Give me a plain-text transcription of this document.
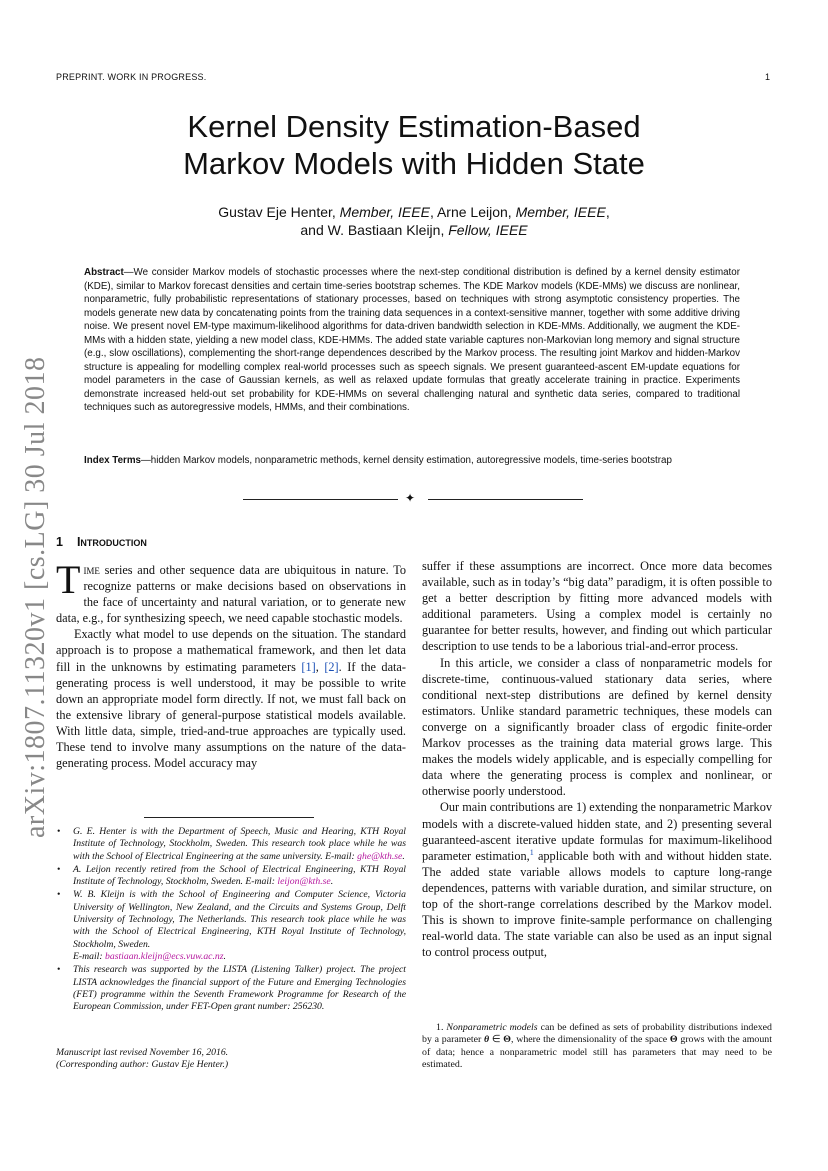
PREPRINT. WORK IN PROGRESS.	1
Kernel Density Estimation-Based
Markov Models with Hidden State
Gustav Eje Henter, Member, IEEE, Arne Leijon, Member, IEEE,
and W. Bastiaan Kleijn, Fellow, IEEE
Abstract—We consider Markov models of stochastic processes where the next-step conditional distribution is defined by a kernel density estimator (KDE), similar to Markov forecast densities and certain time-series bootstrap schemes. The KDE Markov models (KDE-MMs) we discuss are nonlinear, nonparametric, fully probabilistic representations of stationary processes, based on techniques with strong asymptotic consistency properties. The models generate new data by concatenating points from the training data sequences in a context-sensitive manner, together with some additive driving noise. We present novel EM-type maximum-likelihood algorithms for data-driven bandwidth selection in KDE-MMs. Additionally, we augment the KDE-MMs with a hidden state, yielding a new model class, KDE-HMMs. The added state variable captures non-Markovian long memory and signal structure (e.g., slow oscillations), complementing the short-range dependences described by the Markov process. The resulting joint Markov and hidden-Markov structure is appealing for modelling complex real-world processes such as speech signals. We present guaranteed-ascent EM-update equations for model parameters in the case of Gaussian kernels, as well as relaxed update formulas that greatly accelerate training in practice. Experiments demonstrate increased held-out set probability for KDE-HMMs on several challenging natural and synthetic data series, compared to traditional techniques such as autoregressive models, HMMs, and their combinations.
Index Terms—hidden Markov models, nonparametric methods, kernel density estimation, autoregressive models, time-series bootstrap
✦
arXiv:1807.11320v1 [cs.LG] 30 Jul 2018 1 Introduction

Time series and other sequence data are ubiquitous in nature. To recognize patterns or make decisions based on observations in the face of uncertainty and natural variation, or to generate new data, e.g., for synthesizing speech, we need capable stochastic models.

Exactly what model to use depends on the situation. The standard approach is to propose a mathematical framework, and then let data fill in the unknowns by estimating parameters [1], [2]. If the data-generating process is well understood, it may be possible to write down an appropriate model form directly. If not, we must fall back on the extensive library of general-purpose statistical models available. With little data, simple, tried-and-true approaches are typically used. These tend to involve many assumptions on the nature of the data-generating process. Model accuracy may

• G. E. Henter is with the Department of Speech, Music and Hearing, KTH Royal Institute of Technology, Stockholm, Sweden. This research took place while he was with the School of Electrical Engineering at the same university. E-mail: ghe@kth.se.
• A. Leijon recently retired from the School of Electrical Engineering, KTH Royal Institute of Technology, Stockholm, Sweden. E-mail: leijon@kth.se.
• W. B. Kleijn is with the School of Engineering and Computer Science, Victoria University of Wellington, New Zealand, and the Circuits and Systems Group, Delft University of Technology, The Netherlands. This research took place while he was with the School of Electrical Engineering, KTH Royal Institute of Technology, Stockholm, Sweden.
E-mail: bastiaan.kleijn@ecs.vuw.ac.nz.
• This research was supported by the LISTA (Listening Talker) project. The project LISTA acknowledges the financial support of the Future and Emerging Technologies (FET) programme within the Seventh Framework Programme for Research of the European Commission, under FET-Open grant number: 256230.
Manuscript last revised November 16, 2016.
(Corresponding author: Gustav Eje Henter.)

suffer if these assumptions are incorrect. Once more data becomes available, such as in today’s “big data” paradigm, it is often possible to get a better description by fitting more advanced models with additional parameters. Using a complex model is certainly no guarantee for better results, however, and finding out which particular description to use tends to be a laborious trial-and-error process.

In this article, we consider a class of nonparametric models for discrete-time, continuous-valued stationary data series, where conditional next-step distributions are defined by kernel density estimators. Unlike standard parametric techniques, these models can converge on a significantly broader class of ergodic finite-order Markov processes as the training data material grows large. This makes the models widely applicable, and is especially compelling for data where the generating process is complex and nonlinear, or otherwise poorly understood.

Our main contributions are 1) extending the nonparametric Markov models with a discrete-valued hidden state, and 2) presenting several guaranteed-ascent iterative update formulas for maximum-likelihood parameter estimation,$^1$ applicable both with and without hidden state. The added state variable allows models to capture long-range dependences, patterns with variable duration, and similar structure, on top of the short-range correlations described by the Markov model. This is shown to improve finite-sample performance on challenging real-world data. The state variable can also be used as an input signal to control process output,

1. Nonparametric models can be defined as sets of probability distributions indexed by a parameter θ ∈ Θ, where the dimensionality of the space Θ grows with the amount of data; hence a nonparametric model still has parameters that may need to be estimated.
